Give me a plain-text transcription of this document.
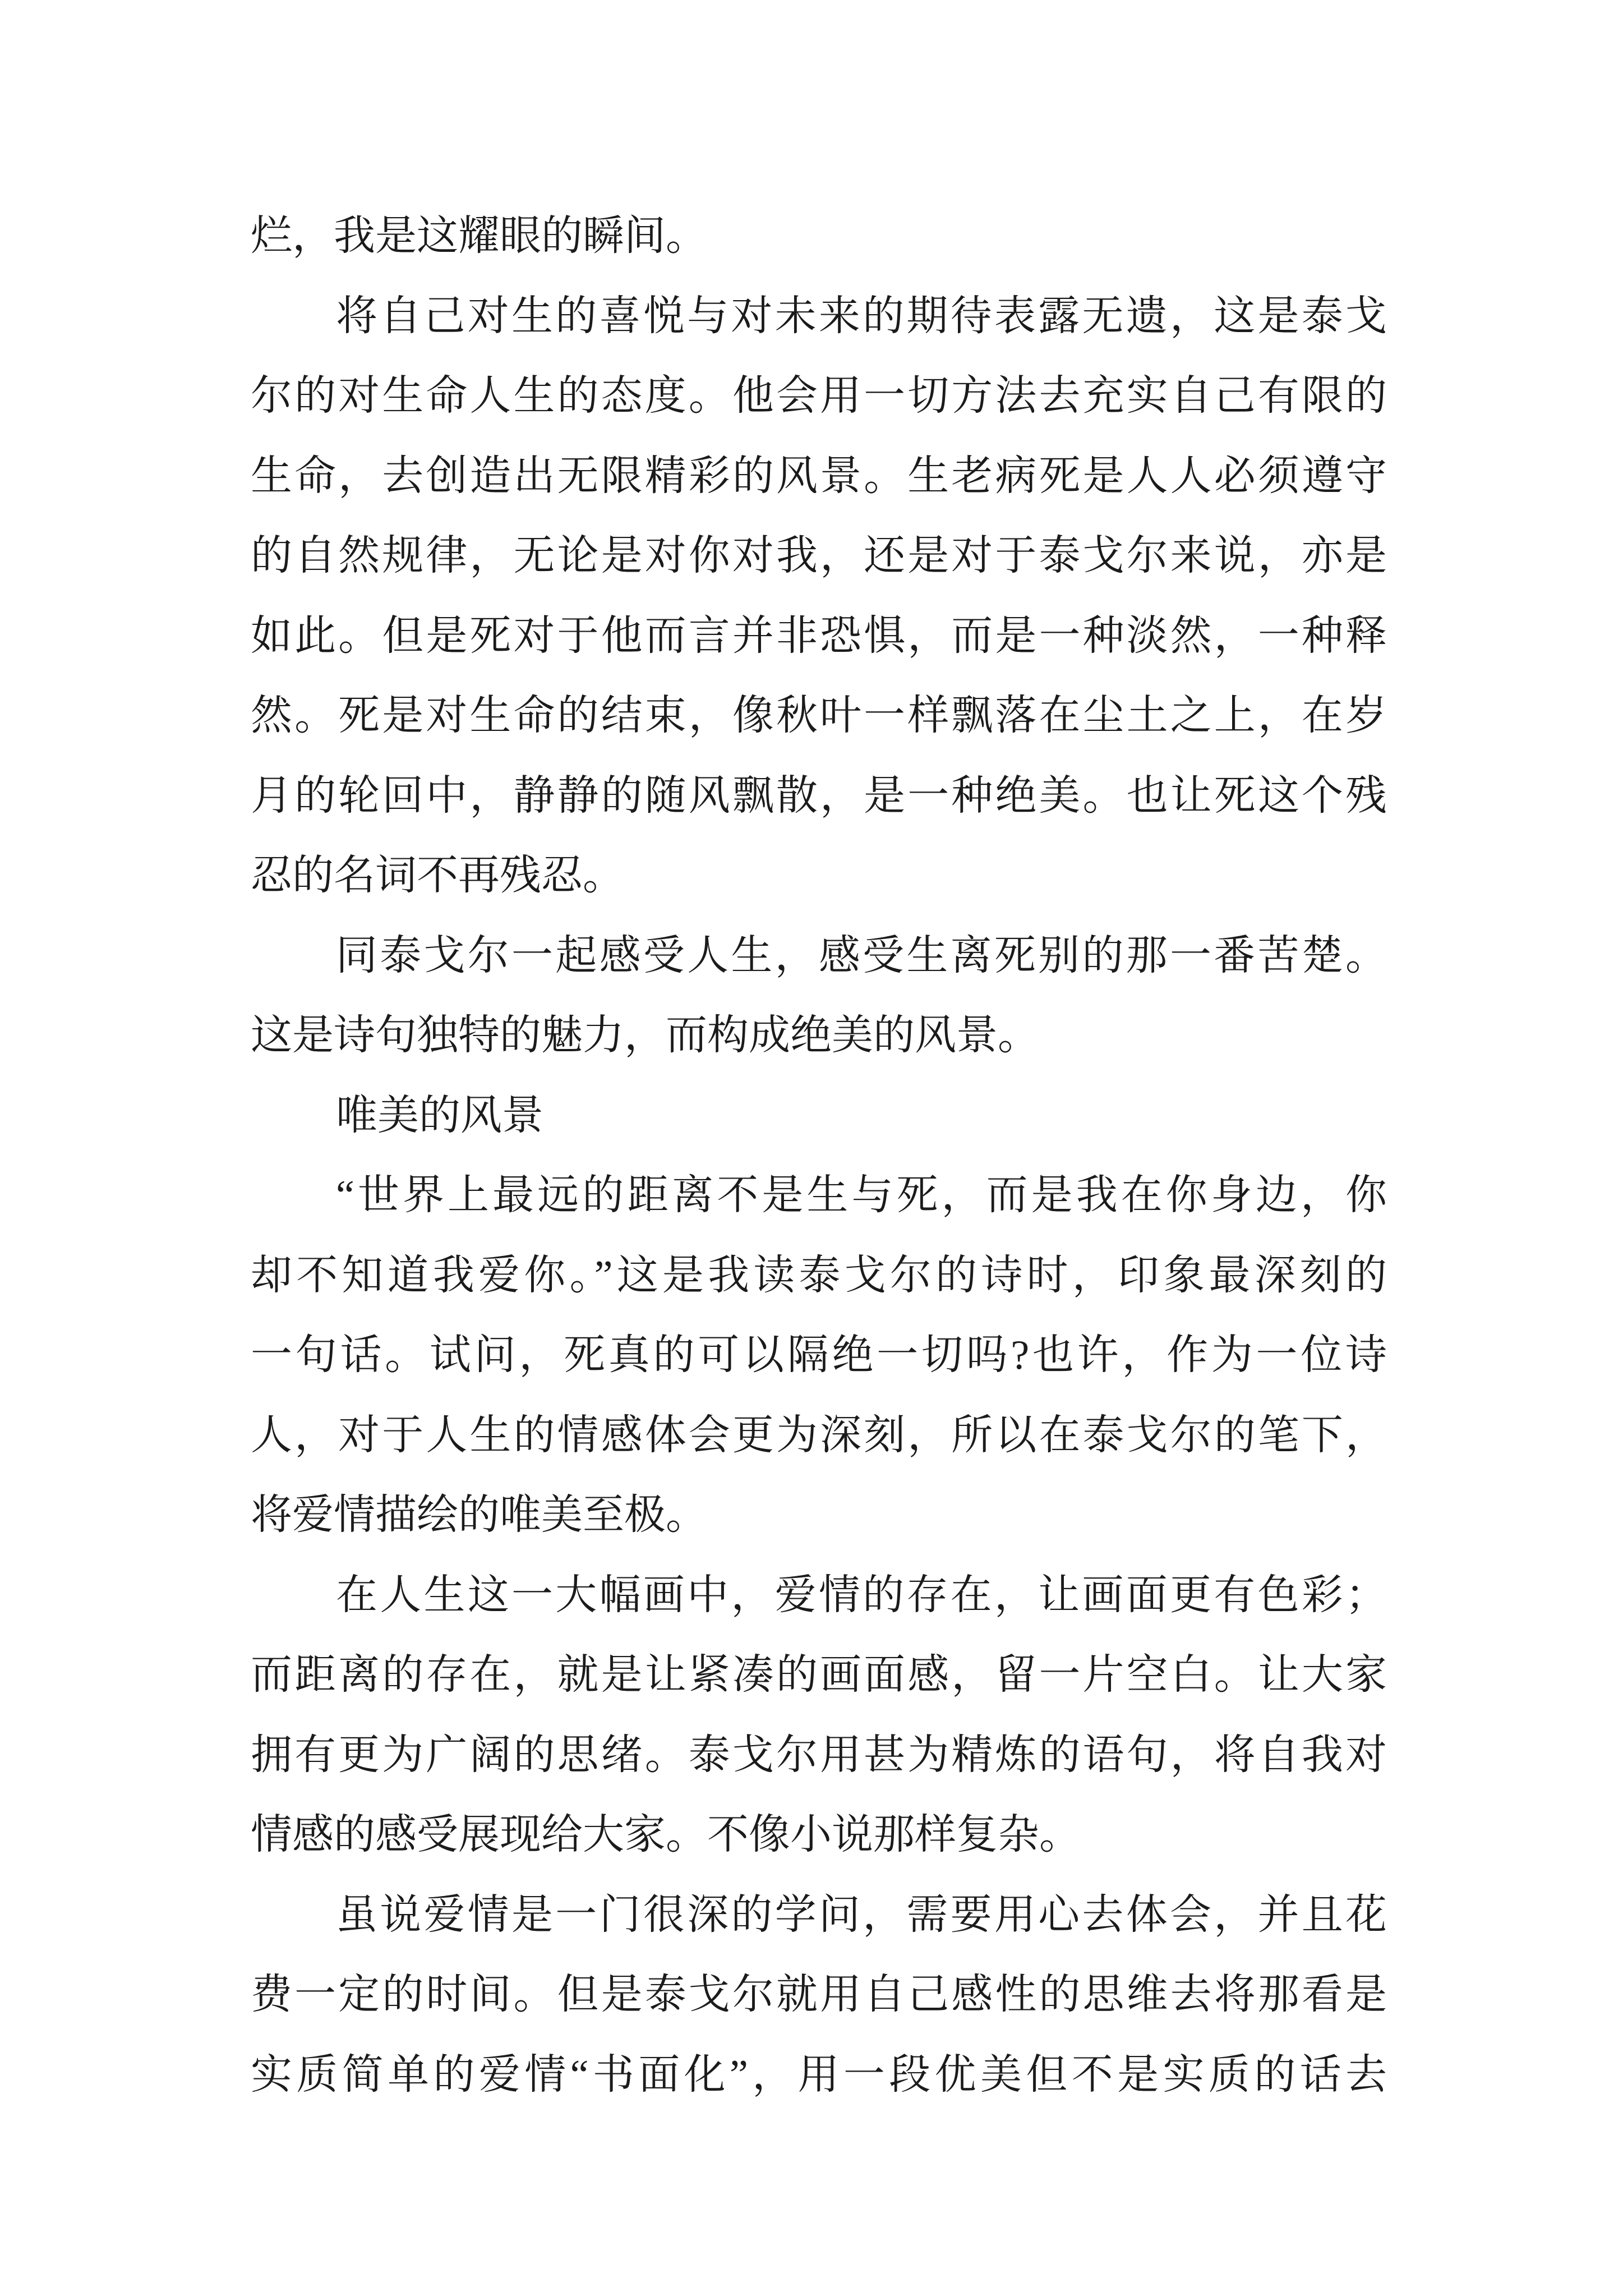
烂，我是这耀眼的瞬间。
将自己对生的喜悦与对未来的期待表露无遗，这是泰戈
尔的对生命人生的态度。他会用一切方法去充实自己有限的
生命，去创造出无限精彩的风景。生老病死是人人必须遵守
的自然规律，无论是对你对我，还是对于泰戈尔来说，亦是
如此。但是死对于他而言并非恐惧，而是一种淡然，一种释
然。死是对生命的结束，像秋叶一样飘落在尘土之上，在岁
月的轮回中，静静的随风飘散，是一种绝美。也让死这个残
忍的名词不再残忍。
同泰戈尔一起感受人生，感受生离死别的那一番苦楚。
这是诗句独特的魅力，而构成绝美的风景。
唯美的风景
“世界上最远的距离不是生与死，而是我在你身边，你
却不知道我爱你。”这是我读泰戈尔的诗时，印象最深刻的
一句话。试问，死真的可以隔绝一切吗?也许，作为一位诗
人，对于人生的情感体会更为深刻，所以在泰戈尔的笔下，
将爱情描绘的唯美至极。
在人生这一大幅画中，爱情的存在，让画面更有色彩；
而距离的存在，就是让紧凑的画面感，留一片空白。让大家
拥有更为广阔的思绪。泰戈尔用甚为精炼的语句，将自我对
情感的感受展现给大家。不像小说那样复杂。
虽说爱情是一门很深的学问，需要用心去体会，并且花
费一定的时间。但是泰戈尔就用自己感性的思维去将那看是
实质简单的爱情“书面化”，用一段优美但不是实质的话去
